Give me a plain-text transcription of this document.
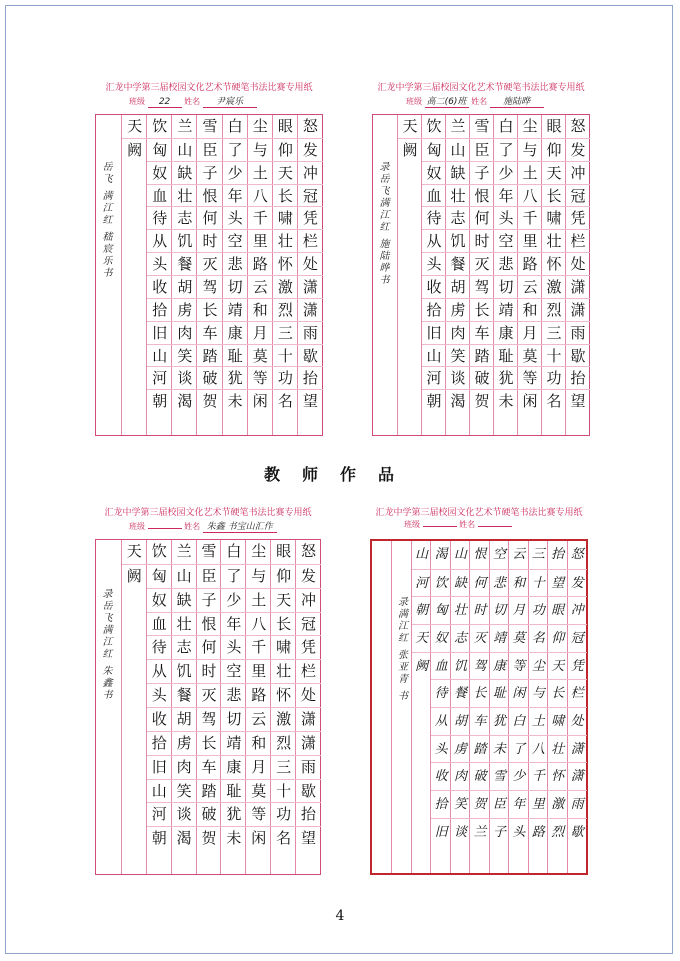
汇龙中学第三届校园文化艺术节硬笔书法比赛专用纸
班级 22 姓名 尹宸乐
怒
发
冲
冠
凭
栏
处
潇
潇
雨
歇
抬
望
眼
仰
天
长
啸
壮
怀
激
烈
三
十
功
名
尘
与
土
八
千
里
路
云
和
月
莫
等
闲
白
了
少
年
头
空
悲
切
靖
康
耻
犹
未
雪
臣
子
恨
何
时
灭
驾
长
车
踏
破
贺
兰
山
缺
壮
志
饥
餐
胡
虏
肉
笑
谈
渴
饮
匈
奴
血
待
从
头
收
拾
旧
山
河
朝
天
阙
岳飞 满江红 嵇宸乐书
汇龙中学第三届校园文化艺术节硬笔书法比赛专用纸
班级 高二(6)班 姓名 施陆晔
怒
发
冲
冠
凭
栏
处
潇
潇
雨
歇
抬
望
眼
仰
天
长
啸
壮
怀
激
烈
三
十
功
名
尘
与
土
八
千
里
路
云
和
月
莫
等
闲
白
了
少
年
头
空
悲
切
靖
康
耻
犹
未
雪
臣
子
恨
何
时
灭
驾
长
车
踏
破
贺
兰
山
缺
壮
志
饥
餐
胡
虏
肉
笑
谈
渴
饮
匈
奴
血
待
从
头
收
拾
旧
山
河
朝
天
阙
录岳飞满江红 施陆晔书
教师作品
汇龙中学第三届校园文化艺术节硬笔书法比赛专用纸
班级	姓名 朱鑫 书宝山汇作
怒
发
冲
冠
凭
栏
处
潇
潇
雨
歇
抬
望
眼
仰
天
长
啸
壮
怀
激
烈
三
十
功
名
尘
与
土
八
千
里
路
云
和
月
莫
等
闲
白
了
少
年
头
空
悲
切
靖
康
耻
犹
未
雪
臣
子
恨
何
时
灭
驾
长
车
踏
破
贺
兰
山
缺
壮
志
饥
餐
胡
虏
肉
笑
谈
渴
饮
匈
奴
血
待
从
头
收
拾
旧
山
河
朝
天
阙
录岳飞满江红 朱鑫书
汇龙中学第三届校园文化艺术节硬笔书法比赛专用纸
班级	姓名
怒
发
冲
冠
凭
栏
处
潇
潇
雨
歇
抬
望
眼
仰
天
长
啸
壮
怀
激
烈
三
十
功
名
尘
与
土
八
千
里
路
云
和
月
莫
等
闲
白
了
少
年
头
空
悲
切
靖
康
耻
犹
未
雪
臣
子
恨
何
时
灭
驾
长
车
踏
破
贺
兰
山
缺
壮
志
饥
餐
胡
虏
肉
笑
谈
渴
饮
匈
奴
血
待
从
头
收
拾
旧
山
河
朝
天
阙
录满江红 张亚青 书
4
